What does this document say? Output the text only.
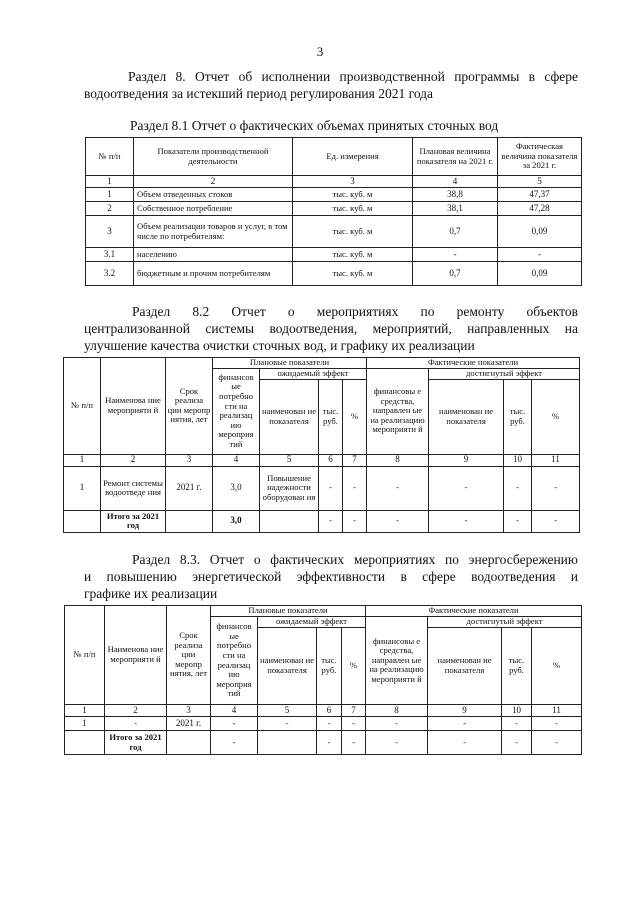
3

Раздел 8. Отчет об исполнении производственной программы в сфере

водоотведения за истекший период регулирования 2021 года

Раздел 8.1 Отчет о фактических объемах принятых сточных вод
№ п/п	Показатели производственной деятельности	Ед. измерения	Плановая величина показателя на 2021 г.	Фактическая величина показателя за 2021 г.
1	2	3	4	5
1	Объем отведенных стоков	тыс. куб. м	38,8	47,37
2	Собственное потребление	тыс. куб. м	38,1	47,28
3	Объем реализации товаров и услуг, в том числе по потребителям:	тыс. куб. м	0,7	0,09
3.1	населению	тыс. куб. м	-	-
3.2	бюджетным и прочим потребителям	тыс. куб. м	0,7	0,09

Раздел 8.2 Отчет о мероприятиях по ремонту объектов

централизованной системы водоотведения, мероприятий, направленных на

улучшение качества очистки сточных вод, и графику их реализации

№ п/п	Наименова ние мероприяти й	Срок реализа ции меропр иятия, лет	Плановые показатели				Фактические показатели			
			финансов ые потребно сти на реализац ию мероприя тий	ожидаемый эффект			финансовы е средства, направлен ые на реализацию мероприяти й	достигнутый эффект		
				наименован ие показателя	тыс. руб.	%		наименован ие показателя	тыс. руб.	%
1	2	3	4	5	6	7	8	9	10	11
1	Ремонт системы водоотведе ния	2021 г.	3,0	Повышение надежности оборудован ия	-	-	-	-	-	-
	Итого за 2021 год		3,0		-	-	-	-	-	-

Раздел 8.3. Отчет о фактических мероприятиях по энергосбережению

и повышению энергетической эффективности в сфере водоотведения и

графике их реализации

№ п/п	Наименова ние мероприяти й	Срок реализа ции меропр иятия, лет	Плановые показатели				Фактические показатели			
			финансов ые потребно сти на реализац ию мероприя тий	ожидаемый эффект			финансовы е средства, направлен ые на реализацию мероприяти й	достигнутый эффект		
				наименован ие показателя	тыс. руб.	%		наименован ие показателя	тыс. руб.	%
1	2	3	4	5	6	7	8	9	10	11
1	-	2021 г.	-	-	-	-	-	-	-	-
	Итого за 2021 год		-		-	-	-	-	-	-
